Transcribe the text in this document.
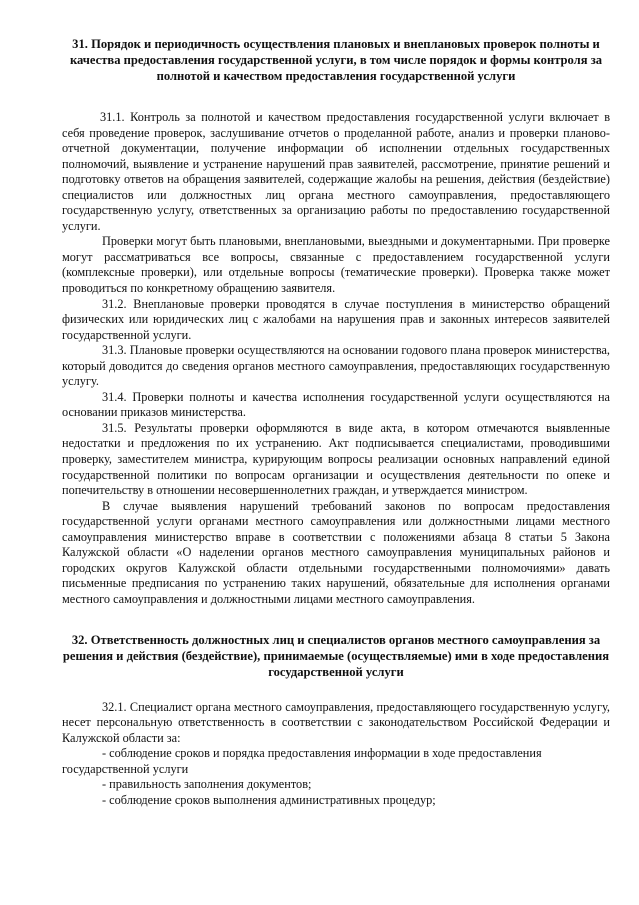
31. Порядок и периодичность осуществления плановых и внеплановых проверок полноты и качества предоставления государственной услуги, в том числе порядок и формы контроля за полнотой и качеством предоставления государственной услуги

31.1. Контроль за полнотой и качеством предоставления государственной услуги включает в себя проведение проверок, заслушивание отчетов о проделанной работе, анализ и проверки планово-отчетной документации, получение информации об исполнении отдельных государственных полномочий, выявление и устранение нарушений прав заявителей, рассмотрение, принятие решений и подготовку ответов на обращения заявителей, содержащие жалобы на решения, действия (бездействие) специалистов или должностных лиц органа местного самоуправления, предоставляющего государственную услугу, ответственных за организацию работы по предоставлению государственной услуги.

Проверки могут быть плановыми, внеплановыми, выездными и документарными. При проверке могут рассматриваться все вопросы, связанные с предоставлением государственной услуги (комплексные проверки), или отдельные вопросы (тематические проверки). Проверка также может проводиться по конкретному обращению заявителя.

31.2. Внеплановые проверки проводятся в случае поступления в министерство обращений физических или юридических лиц с жалобами на нарушения прав и законных интересов заявителей государственной услуги.

31.3. Плановые проверки осуществляются на основании годового плана проверок министерства, который доводится до сведения органов местного самоуправления, предоставляющих государственную услугу.

31.4. Проверки полноты и качества исполнения государственной услуги осуществляются на основании приказов министерства.

31.5. Результаты проверки оформляются в виде акта, в котором отмечаются выявленные недостатки и предложения по их устранению. Акт подписывается специалистами, проводившими проверку, заместителем министра, курирующим вопросы реализации основных направлений единой государственной политики по вопросам организации и осуществления деятельности по опеке и попечительству в отношении несовершеннолетних граждан, и утверждается министром.

В случае выявления нарушений требований законов по вопросам предоставления государственной услуги органами местного самоуправления или должностными лицами местного самоуправления министерство вправе в соответствии с положениями абзаца 8 статьи 5 Закона Калужской области «О наделении органов местного самоуправления муниципальных районов и городских округов Калужской области отдельными государственными полномочиями» давать письменные предписания по устранению таких нарушений, обязательные для исполнения органами местного самоуправления и должностными лицами местного самоуправления.

32. Ответственность должностных лиц и специалистов органов местного самоуправления за решения и действия (бездействие), принимаемые (осуществляемые) ими в ходе предоставления государственной услуги

32.1. Специалист органа местного самоуправления, предоставляющего государственную услугу, несет персональную ответственность в соответствии с законодательством Российской Федерации и Калужской области за:

- соблюдение сроков и порядка предоставления информации в ходе предоставления государственной услуги

- правильность заполнения документов;

- соблюдение сроков выполнения административных процедур;
